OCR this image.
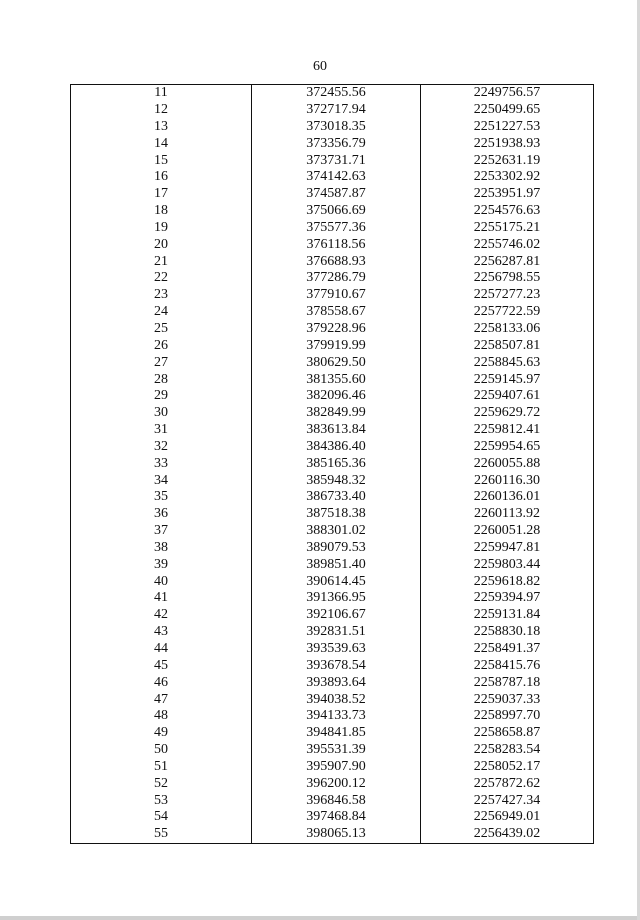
60
11	372455.56	2249756.57
12	372717.94	2250499.65
13	373018.35	2251227.53
14	373356.79	2251938.93
15	373731.71	2252631.19
16	374142.63	2253302.92
17	374587.87	2253951.97
18	375066.69	2254576.63
19	375577.36	2255175.21
20	376118.56	2255746.02
21	376688.93	2256287.81
22	377286.79	2256798.55
23	377910.67	2257277.23
24	378558.67	2257722.59
25	379228.96	2258133.06
26	379919.99	2258507.81
27	380629.50	2258845.63
28	381355.60	2259145.97
29	382096.46	2259407.61
30	382849.99	2259629.72
31	383613.84	2259812.41
32	384386.40	2259954.65
33	385165.36	2260055.88
34	385948.32	2260116.30
35	386733.40	2260136.01
36	387518.38	2260113.92
37	388301.02	2260051.28
38	389079.53	2259947.81
39	389851.40	2259803.44
40	390614.45	2259618.82
41	391366.95	2259394.97
42	392106.67	2259131.84
43	392831.51	2258830.18
44	393539.63	2258491.37
45	393678.54	2258415.76
46	393893.64	2258787.18
47	394038.52	2259037.33
48	394133.73	2258997.70
49	394841.85	2258658.87
50	395531.39	2258283.54
51	395907.90	2258052.17
52	396200.12	2257872.62
53	396846.58	2257427.34
54	397468.84	2256949.01
55	398065.13	2256439.02
